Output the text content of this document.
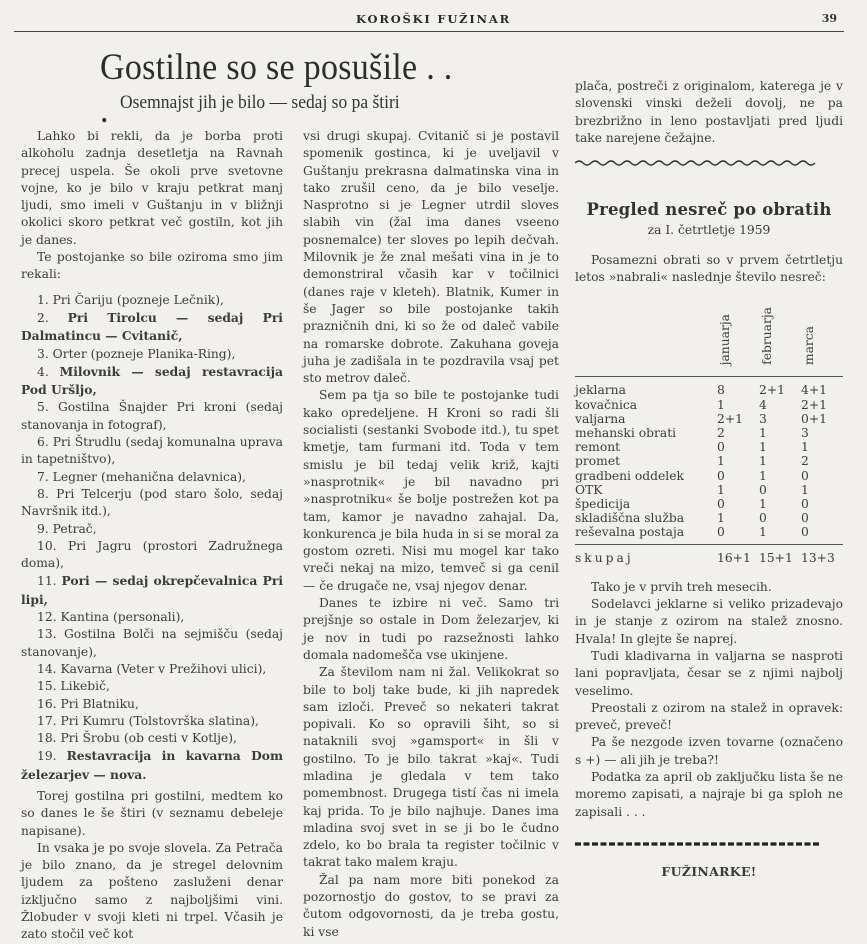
KOROŠKI FUŽINAR	39
Gostilne so se posušile . . . Osemnajst jih je bilo — sedaj so pa štiri

Lahko bi rekli, da je borba proti alkoholu zadnja desetletja na Ravnah precej uspela. Še okoli prve svetovne vojne, ko je bilo v kraju petkrat manj ljudi, smo imeli v Guštanju in v bližnji okolici skoro petkrat več gostiln, kot jih je danes.

Te postojanke so bile oziroma smo jim rekali:

1. Pri Čariju (pozneje Lečnik),
2. Pri Tirolcu — sedaj Pri Dalmatincu — Cvitanič,
3. Orter (pozneje Planika-Ring),
4. Milovnik — sedaj restavracija Pod Uršljo,
5. Gostilna Šnajder Pri kroni (sedaj stanovanja in fotograf),
6. Pri Štrudlu (sedaj komunalna uprava in tapetništvo),
7. Legner (mehanična delavnica),
8. Pri Telcerju (pod staro šolo, sedaj Navršnik itd.),
9. Petrač,
10. Pri Jagru (prostori Zadružnega doma),
11. Pori — sedaj okrepčevalnica Pri lipi,
12. Kantina (personali),
13. Gostilna Bolči na sejmišču (sedaj stanovanje),
14. Kavarna (Veter v Prežihovi ulici),
15. Likebič,
16. Pri Blatniku,
17. Pri Kumru (Tolstovrška slatina),
18. Pri Šrobu (ob cesti v Kotlje),
19. Restavracija in kavarna Dom železarjev — nova.

Torej gostilna pri gostilni, medtem ko so danes le še štiri (v seznamu debeleje napisane).

In vsaka je po svoje slovela. Za Petrača je bilo znano, da je stregel delovnim ljudem za pošteno zasluženi denar izključno samo z najboljšimi vini. Žlobuder v svoji kleti ni trpel. Včasih je zato stočil več kot

vsi drugi skupaj. Cvitanič si je postavil spomenik gostinca, ki je uveljavil v Guštanju prekrasna dalmatinska vina in tako zrušil ceno, da je bilo veselje. Nasprotno si je Legner utrdil sloves slabih vin (žal ima danes vseeno posnemalce) ter sloves po lepih dečvah. Milovnik je že znal mešati vina in je to demonstriral včasih kar v točilnici (danes raje v kleteh). Blatnik, Kumer in še Jager so bile postojanke takih prazničnih dni, ki so že od daleč vabile na romarske dobrote. Zakuhana goveja juha je zadišala in te pozdravila vsaj pet sto metrov daleč.

Sem pa tja so bile te postojanke tudi kako opredeljene. H Kroni so radi šli socialisti (sestanki Svobode itd.), tu spet kmetje, tam furmani itd. Toda v tem smislu je bil tedaj velik križ, kajti »nasprotnik« je bil navadno pri »nasprotniku« še bolje postrežen kot pa tam, kamor je navadno zahajal. Da, konkurenca je bila huda in si se moral za gostom ozreti. Nisi mu mogel kar tako vreči nekaj na mizo, temveč si ga cenil — če drugače ne, vsaj njegov denar.

Danes te izbire ni več. Samo tri prejšnje so ostale in Dom železarjev, ki je nov in tudi po razsežnosti lahko domala nadomešča vse ukinjene.

Za številom nam ni žal. Velikokrat so bile to bolj take bude, ki jih napredek sam izloči. Preveč so nekateri takrat popivali. Ko so opravili šiht, so si nataknili svoj »gamsport« in šli v gostilno. To je bilo takrat »kaj«. Tudi mladina je gledala v tem tako pomembnost. Drugega tistí čas ni imela kaj prida. To je bilo najhuje. Danes ima mladina svoj svet in se ji bo le čudno zdelo, ko bo brala ta register točilnic v takrat tako malem kraju.

Žal pa nam more biti ponekod za pozornostjo do gostov, to se pravi za čutom odgovornosti, da je treba gostu, ki vse

plača, postreči z originalom, katerega je v slovenski vinski deželi dovolj, ne pa brezbrižno in leno postavljati pred ljudi take narejene čežajne.

Pregled nesreč po obratih
za I. četrtletje 1959

Posamezni obrati so v prvem četrtletju letos »nabrali« naslednje število nesreč:

	januarja	februarja	marca
jeklarna	8	2+1	4+1
kovačnica	1	4	2+1
valjarna	2+1	3	0+1
mehanski obrati	2	1	3
remont	0	1	1
promet	1	1	2
gradbeni oddelek	0	1	0
OTK	1	0	1
špedicija	0	1	0
skladiščna služba	1	0	0
reševalna postaja	0	1	0
skupaj	16+1	15+1	13+3

Tako je v prvih treh mesecih.

Sodelavci jeklarne si veliko prizadevajo in je stanje z ozirom na stalež znosno. Hvala! In glejte še naprej.

Tudi kladivarna in valjarna se nasproti lani popravljata, česar se z njimi najbolj veselimo.

Preostali z ozirom na stalež in opravek: preveč, preveč!

Pa še nezgode izven tovarne (označeno s +) — ali jih je treba?!

Podatka za april ob zaključku lista še ne moremo zapisati, a najraje bi ga sploh ne zapisali . . .

FUŽINARKE!
